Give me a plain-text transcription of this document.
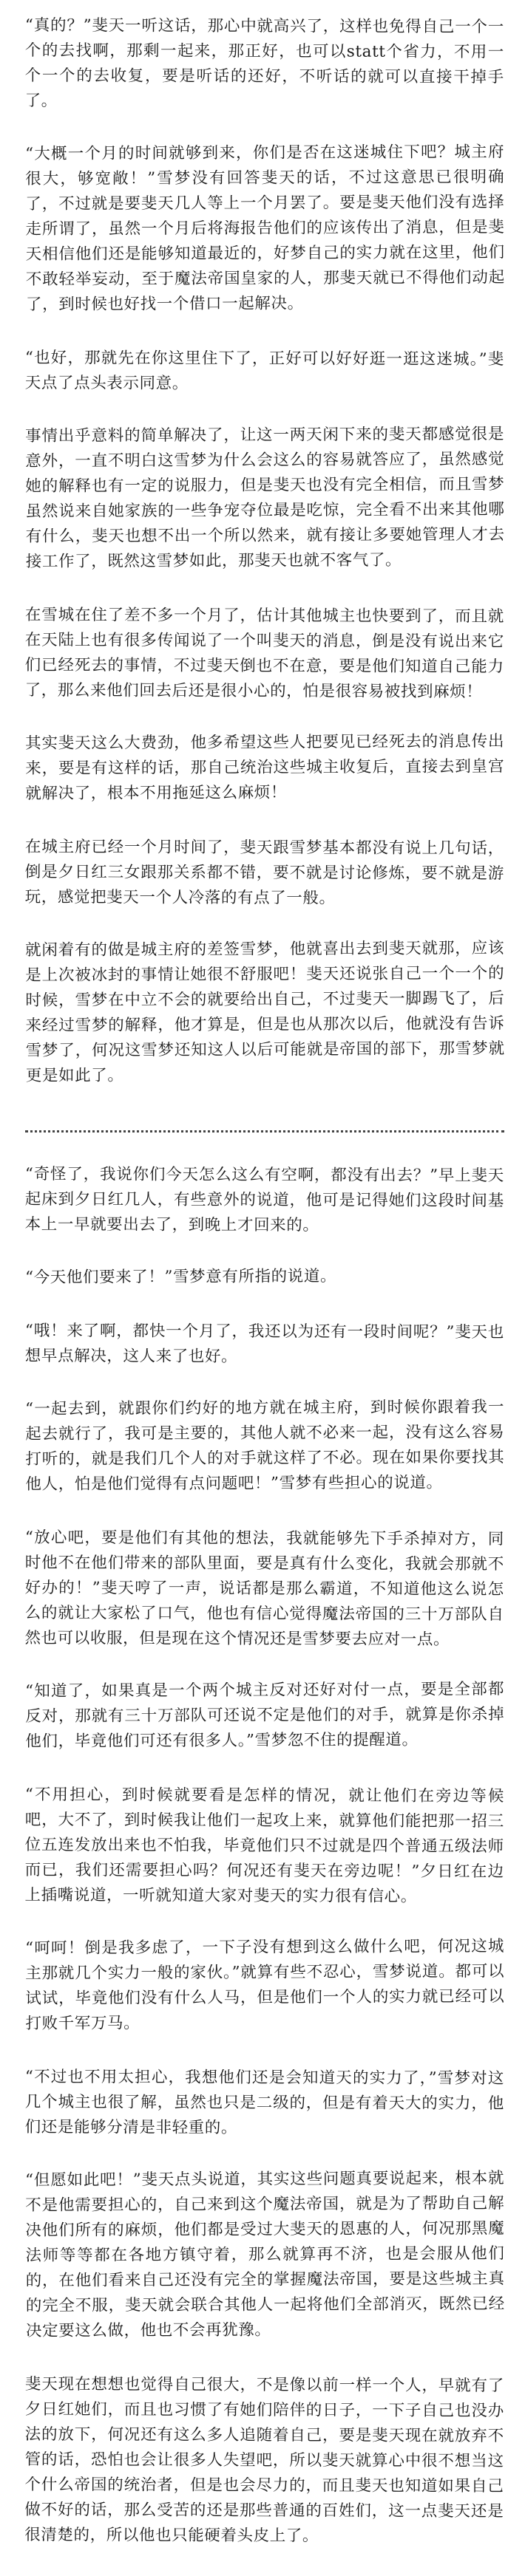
“真的？”斐天一听这话，那心中就高兴了，这样也免得自己一个一个的去找啊，那剩一起来，那正好，也可以statt个省力，不用一个一个的去收复，要是听话的还好，不听话的就可以直接干掉手了。

“大概一个月的时间就够到来，你们是否在这迷城住下吧？城主府很大，够宽敞！”雪梦没有回答斐天的话，不过这意思已很明确了，不过就是要斐天几人等上一个月罢了。要是斐天他们没有选择走所谓了，虽然一个月后将海报告他们的应该传出了消息，但是斐天相信他们还是能够知道最近的，好梦自己的实力就在这里，他们不敢轻举妄动，至于魔法帝国皇家的人，那斐天就已不得他们动起了，到时候也好找一个借口一起解决。

“也好，那就先在你这里住下了，正好可以好好逛一逛这迷城。”斐天点了点头表示同意。

事情出乎意料的简单解决了，让这一两天闲下来的斐天都感觉很是意外，一直不明白这雪梦为什么会这么的容易就答应了，虽然感觉她的解释也有一定的说服力，但是斐天也没有完全相信，而且雪梦虽然说来自她家族的一些争宠夺位最是吃惊，完全看不出来其他哪有什么，斐天也想不出一个所以然来，就有接让多要她管理人才去接工作了，既然这雪梦如此，那斐天也就不客气了。

在雪城在住了差不多一个月了，估计其他城主也快要到了，而且就在天陆上也有很多传闻说了一个叫斐天的消息，倒是没有说出来它们已经死去的事情，不过斐天倒也不在意，要是他们知道自己能力了，那么来他们回去后还是很小心的，怕是很容易被找到麻烦！

其实斐天这么大费劲，他多希望这些人把要见已经死去的消息传出来，要是有这样的话，那自己统治这些城主收复后，直接去到皇宫就解决了，根本不用拖延这么麻烦！

在城主府已经一个月时间了，斐天跟雪梦基本都没有说上几句话，倒是夕日红三女跟那关系都不错，要不就是讨论修炼，要不就是游玩，感觉把斐天一个人冷落的有点了一般。

就闲着有的做是城主府的差签雪梦，他就喜出去到斐天就那，应该是上次被冰封的事情让她很不舒服吧！斐天还说张自己一个一个的时候，雪梦在中立不会的就要给出自己，不过斐天一脚踢飞了，后来经过雪梦的解释，他才算是，但是也从那次以后，他就没有告诉雪梦了，何况这雪梦还知这人以后可能就是帝国的部下，那雪梦就更是如此了。

“奇怪了，我说你们今天怎么这么有空啊，都没有出去？”早上斐天起床到夕日红几人，有些意外的说道，他可是记得她们这段时间基本上一早就要出去了，到晚上才回来的。

“今天他们要来了！”雪梦意有所指的说道。

“哦！来了啊，都快一个月了，我还以为还有一段时间呢？”斐天也想早点解决，这人来了也好。

“一起去到，就跟你们约好的地方就在城主府，到时候你跟着我一起去就行了，我可是主要的，其他人就不必来一起，没有这么容易打听的，就是我们几个人的对手就这样了不必。现在如果你要找其他人，怕是他们觉得有点问题吧！”雪梦有些担心的说道。

“放心吧，要是他们有其他的想法，我就能够先下手杀掉对方，同时他不在他们带来的部队里面，要是真有什么变化，我就会那就不好办的！”斐天哼了一声，说话都是那么霸道，不知道他这么说怎么的就让大家松了口气，他也有信心觉得魔法帝国的三十万部队自然也可以收服，但是现在这个情况还是雪梦要去应对一点。

“知道了，如果真是一个两个城主反对还好对付一点，要是全部都反对，那就有三十万部队可还说不定是他们的对手，就算是你杀掉他们，毕竟他们可还有很多人。”雪梦忽不住的提醒道。

“不用担心，到时候就要看是怎样的情况，就让他们在旁边等候吧，大不了，到时候我让他们一起攻上来，就算他们能把那一招三位五连发放出来也不怕我，毕竟他们只不过就是四个普通五级法师而已，我们还需要担心吗？何况还有斐天在旁边呢！”夕日红在边上插嘴说道，一听就知道大家对斐天的实力很有信心。

“呵呵！倒是我多虑了，一下子没有想到这么做什么吧，何况这城主那就几个实力一般的家伙。”就算有些不忍心，雪梦说道。都可以试试，毕竟他们没有什么人马，但是他们一个人的实力就已经可以打败千军万马。

“不过也不用太担心，我想他们还是会知道天的实力了，”雪梦对这几个城主也很了解，虽然也只是二级的，但是有着天大的实力，他们还是能够分清是非轻重的。

“但愿如此吧！”斐天点头说道，其实这些问题真要说起来，根本就不是他需要担心的，自己来到这个魔法帝国，就是为了帮助自己解决他们所有的麻烦，他们都是受过大斐天的恩惠的人，何况那黑魔法师等等都在各地方镇守着，那么就算再不济，也是会服从他们的，在他们看来自己还没有完全的掌握魔法帝国，要是这些城主真的完全不服，斐天就会联合其他人一起将他们全部消灭，既然已经决定要这么做，他也不会再犹豫。

斐天现在想想也觉得自己很大，不是像以前一样一个人，早就有了夕日红她们，而且也习惯了有她们陪伴的日子，一下子自己也没办法的放下，何况还有这么多人追随着自己，要是斐天现在就放弃不管的话，恐怕也会让很多人失望吧，所以斐天就算心中很不想当这个什么帝国的统治者，但是也会尽力的，而且斐天也知道如果自己做不好的话，那么受苦的还是那些普通的百姓们，这一点斐天还是很清楚的，所以他也只能硬着头皮上了。
